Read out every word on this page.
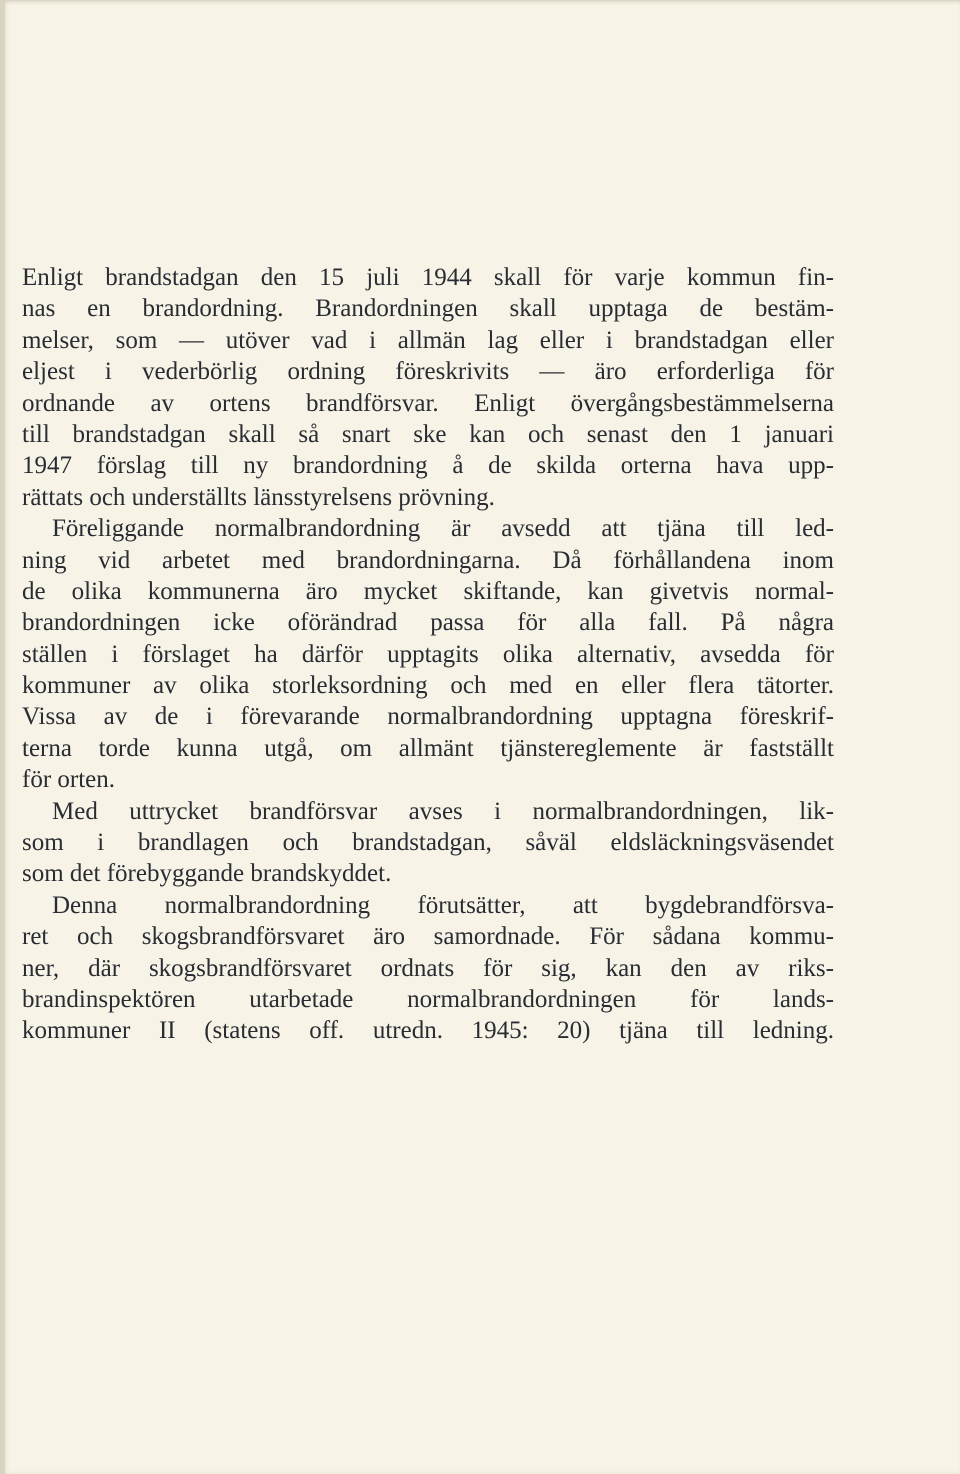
Enligt brandstadgan den 15 juli 1944 skall för varje kommun fin-
nas en brandordning. Brandordningen skall upptaga de bestäm-
melser, som — utöver vad i allmän lag eller i brandstadgan eller
eljest i vederbörlig ordning föreskrivits — äro erforderliga för
ordnande av ortens brandförsvar. Enligt övergångsbestämmelserna
till brandstadgan skall så snart ske kan och senast den 1 januari
1947 förslag till ny brandordning å de skilda orterna hava upp-
rättats och underställts länsstyrelsens prövning.
Föreliggande normalbrandordning är avsedd att tjäna till led-
ning vid arbetet med brandordningarna. Då förhållandena inom
de olika kommunerna äro mycket skiftande, kan givetvis normal-
brandordningen icke oförändrad passa för alla fall. På några
ställen i förslaget ha därför upptagits olika alternativ, avsedda för
kommuner av olika storleksordning och med en eller flera tätorter.
Vissa av de i förevarande normalbrandordning upptagna föreskrif-
terna torde kunna utgå, om allmänt tjänstereglemente är fastställt
för orten.
Med uttrycket brandförsvar avses i normalbrandordningen, lik-
som i brandlagen och brandstadgan, såväl eldsläckningsväsendet
som det förebyggande brandskyddet.
Denna normalbrandordning förutsätter, att bygdebrandförsva-
ret och skogsbrandförsvaret äro samordnade. För sådana kommu-
ner, där skogsbrandförsvaret ordnats för sig, kan den av riks-
brandinspektören utarbetade normalbrandordningen för lands-
kommuner II (statens off. utredn. 1945: 20) tjäna till ledning.
